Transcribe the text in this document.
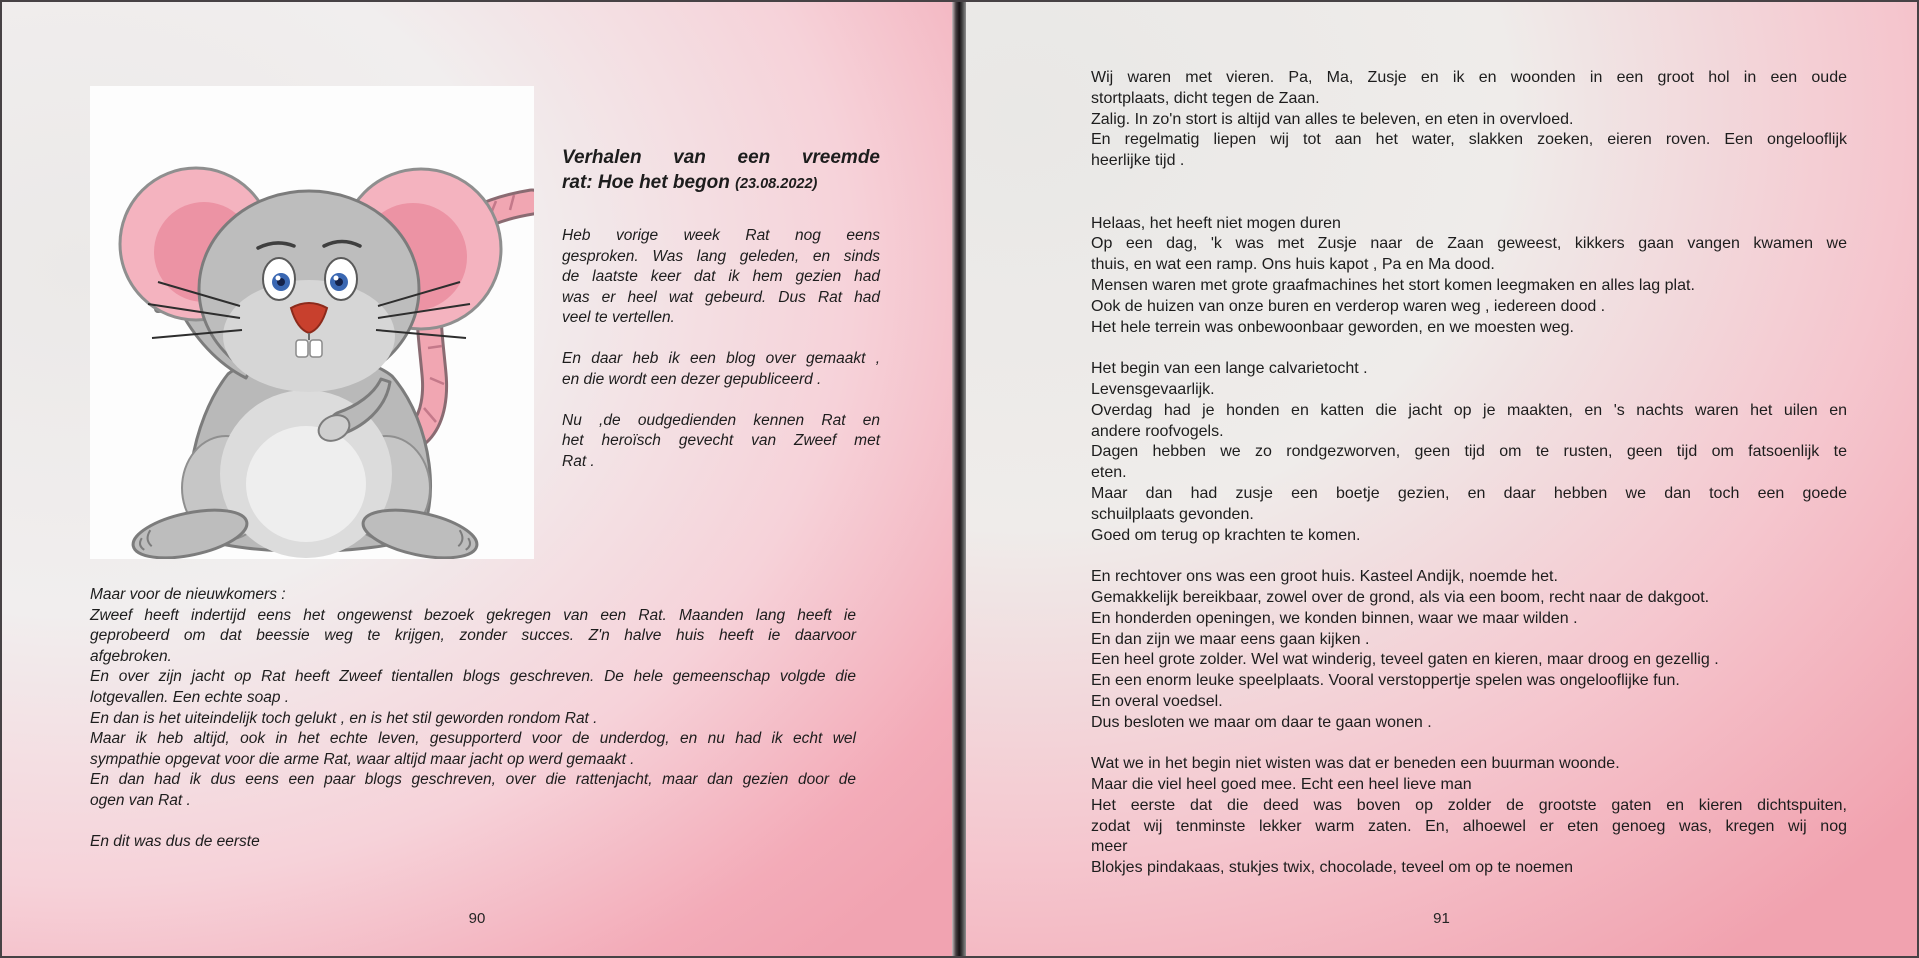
Verhalen van een vreemde
rat: Hoe het begon (23.08.2022)
Heb vorige week Rat nog eens
gesproken. Was lang geleden, en sinds
de laatste keer dat ik hem gezien had
was er heel wat gebeurd. Dus Rat had
veel te vertellen.
En daar heb ik een blog over gemaakt ,
en die wordt een dezer gepubliceerd .
Nu ,de oudgedienden kennen Rat en
het heroïsch gevecht van Zweef met
Rat .
Maar voor de nieuwkomers :
Zweef heeft indertijd eens het ongewenst bezoek gekregen van een Rat. Maanden lang heeft ie
geprobeerd om dat beessie weg te krijgen, zonder succes. Z'n halve huis heeft ie daarvoor
afgebroken.
En over zijn jacht op Rat heeft Zweef tientallen blogs geschreven. De hele gemeenschap volgde die
lotgevallen. Een echte soap .
En dan is het uiteindelijk toch gelukt , en is het stil geworden rondom Rat .
Maar ik heb altijd, ook in het echte leven, gesupporterd voor de underdog, en nu had ik echt wel
sympathie opgevat voor die arme Rat, waar altijd maar jacht op werd gemaakt .
En dan had ik dus eens een paar blogs geschreven, over die rattenjacht, maar dan gezien door de
ogen van Rat .
En dit was dus de eerste
90
Wij waren met vieren. Pa, Ma, Zusje en ik en woonden in een groot hol in een oude
stortplaats, dicht tegen de Zaan.
Zalig. In zo'n stort is altijd van alles te beleven, en eten in overvloed.
En regelmatig liepen wij tot aan het water, slakken zoeken, eieren roven. Een ongelooflijk
heerlijke tijd .
Helaas, het heeft niet mogen duren
Op een dag, 'k was met Zusje naar de Zaan geweest, kikkers gaan vangen kwamen we
thuis, en wat een ramp. Ons huis kapot , Pa en Ma dood.
Mensen waren met grote graafmachines het stort komen leegmaken en alles lag plat.
Ook de huizen van onze buren en verderop waren weg , iedereen dood .
Het hele terrein was onbewoonbaar geworden, en we moesten weg.
Het begin van een lange calvarietocht .
Levensgevaarlijk.
Overdag had je honden en katten die jacht op je maakten, en 's nachts waren het uilen en
andere roofvogels.
Dagen hebben we zo rondgezworven, geen tijd om te rusten, geen tijd om fatsoenlijk te
eten.
Maar dan had zusje een boetje gezien, en daar hebben we dan toch een goede
schuilplaats gevonden.
Goed om terug op krachten te komen.
En rechtover ons was een groot huis. Kasteel Andijk, noemde het.
Gemakkelijk bereikbaar, zowel over de grond, als via een boom, recht naar de dakgoot.
En honderden openingen, we konden binnen, waar we maar wilden .
En dan zijn we maar eens gaan kijken .
Een heel grote zolder. Wel wat winderig, teveel gaten en kieren, maar droog en gezellig .
En een enorm leuke speelplaats. Vooral verstoppertje spelen was ongelooflijke fun.
En overal voedsel.
Dus besloten we maar om daar te gaan wonen .
Wat we in het begin niet wisten was dat er beneden een buurman woonde.
Maar die viel heel goed mee. Echt een heel lieve man
Het eerste dat die deed was boven op zolder de grootste gaten en kieren dichtspuiten,
zodat wij tenminste lekker warm zaten. En, alhoewel er eten genoeg was, kregen wij nog
meer
Blokjes pindakaas, stukjes twix, chocolade, teveel om op te noemen
91
